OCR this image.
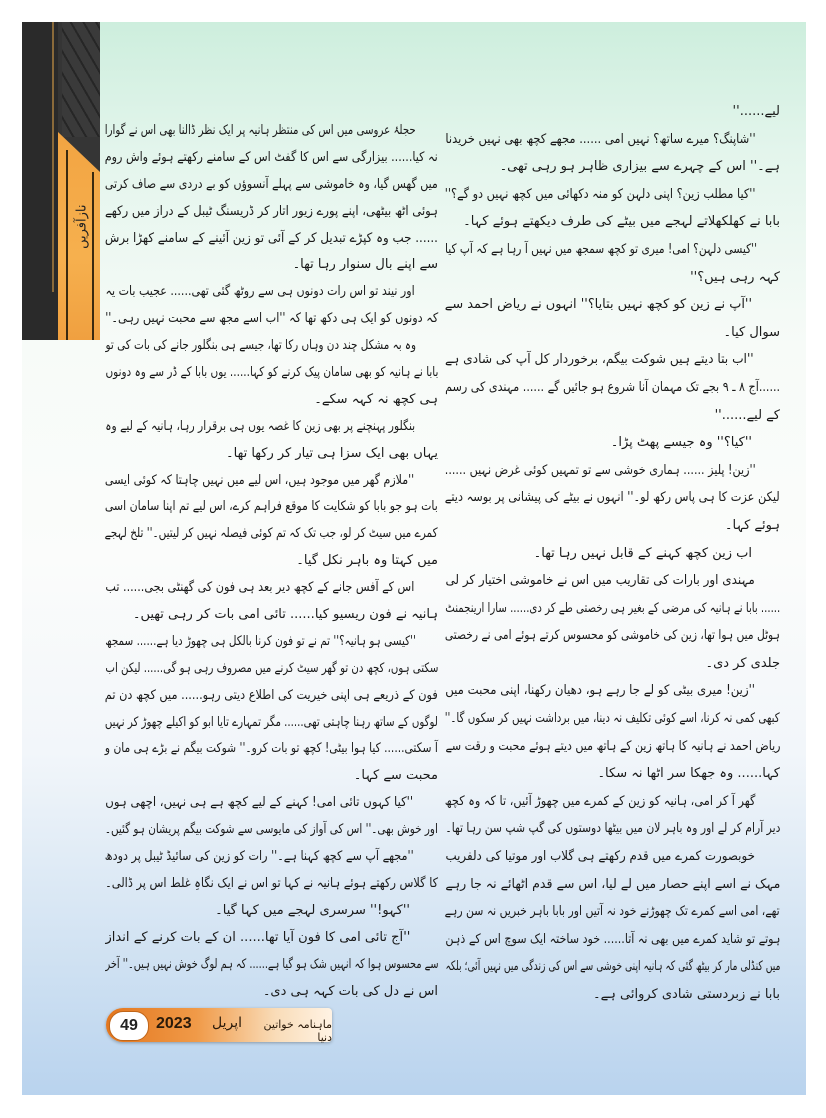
نازآفریں
لیے......''
''شاپنگ؟ میرے ساتھ؟ نہیں امی ...... مجھے کچھ بھی نہیں خریدنا
ہے۔'' اس کے چہرے سے بیزاری ظاہر ہو رہی تھی۔
''کیا مطلب زین؟ اپنی دلہن کو منہ دکھائی میں کچھ نہیں دو گے؟''
بابا نے کھلکھلاتے لہجے میں بیٹے کی طرف دیکھتے ہوئے کہا۔
''کیسی دلہن؟ امی! میری تو کچھ سمجھ میں نہیں آ رہا ہے کہ آپ کیا
کہہ رہی ہیں؟''
''آپ نے زین کو کچھ نہیں بتایا؟'' انہوں نے ریاض احمد سے
سوال کیا۔
''اب بتا دیتے ہیں شوکت بیگم، برخوردار کل آپ کی شادی ہے
......آج ۸ ـ ۹ بجے تک مہمان آنا شروع ہو جائیں گے ...... مہندی کی رسم
کے لیے......''
''کیا؟'' وہ جیسے پھٹ پڑا۔
''زین! پلیز ...... ہماری خوشی سے تو تمہیں کوئی غرض نہیں ......
لیکن عزت کا ہی پاس رکھ لو۔'' انہوں نے بیٹے کی پیشانی پر بوسہ دیتے
ہوئے کہا۔
اب زین کچھ کہنے کے قابل نہیں رہا تھا۔
مہندی اور بارات کی تقاریب میں اس نے خاموشی اختیار کر لی
...... بابا نے ہانیہ کی مرضی کے بغیر ہی رخصتی طے کر دی...... سارا ارینجمنٹ
ہوٹل میں ہوا تھا، زین کی خاموشی کو محسوس کرتے ہوئے امی نے رخصتی
جلدی کر دی۔
''زین! میری بیٹی کو لے جا رہے ہو، دھیان رکھنا، اپنی محبت میں
کبھی کمی نہ کرنا، اسے کوئی تکلیف نہ دینا، میں برداشت نہیں کر سکوں گا۔''
ریاض احمد نے ہانیہ کا ہاتھ زین کے ہاتھ میں دیتے ہوئے محبت و رقت سے
کہا...... وہ جھکا سر اٹھا نہ سکا۔
گھر آ کر امی، ہانیہ کو زین کے کمرے میں چھوڑ آئیں، تا کہ وہ کچھ
دیر آرام کر لے اور وہ باہر لان میں بیٹھا دوستوں کی گپ شپ سن رہا تھا۔
خوبصورت کمرے میں قدم رکھتے ہی گلاب اور موتیا کی دلفریب
مہک نے اسے اپنے حصار میں لے لیا، اس سے قدم اٹھائے نہ جا رہے
تھے، امی اسے کمرے تک چھوڑنے خود نہ آتیں اور بابا باہر خبریں نہ سن رہے
ہوتے تو شاید کمرے میں بھی نہ آتا...... خود ساختہ ایک سوچ اس کے ذہن
میں کنڈلی مار کر بیٹھ گئی کہ ہانیہ اپنی خوشی سے اس کی زندگی میں نہیں آئی؛ بلکہ
بابا نے زبردستی شادی کروائی ہے۔
حجلۂ عروسی میں اس کی منتظر ہانیہ پر ایک نظر ڈالنا بھی اس نے گوارا
نہ کیا...... بیزارگی سے اس کا گفٹ اس کے سامنے رکھتے ہوئے واش روم
میں گھس گیا، وہ خاموشی سے پہلے آنسوؤں کو بے دردی سے صاف کرتی
ہوئی اٹھ بیٹھی، اپنے پورے زیور اتار کر ڈریسنگ ٹیبل کے دراز میں رکھے
...... جب وہ کپڑے تبدیل کر کے آئی تو زین آئینے کے سامنے کھڑا برش
سے اپنے بال سنوار رہا تھا۔
اور نیند تو اس رات دونوں ہی سے روٹھ گئی تھی...... عجیب بات یہ
کہ دونوں کو ایک ہی دکھ تھا کہ ''اب اسے مجھ سے محبت نہیں رہی۔''
وہ بہ مشکل چند دن وہاں رکا تھا، جیسے ہی بنگلور جانے کی بات کی تو
بابا نے ہانیہ کو بھی سامان پیک کرنے کو کہا...... یوں بابا کے ڈر سے وہ دونوں
ہی کچھ نہ کہہ سکے۔
بنگلور پہنچنے پر بھی زین کا غصہ یوں ہی برقرار رہا، ہانیہ کے لیے وہ
یہاں بھی ایک سزا ہی تیار کر رکھا تھا۔
''ملازم گھر میں موجود ہیں، اس لیے میں نہیں چاہتا کہ کوئی ایسی
بات ہو جو بابا کو شکایت کا موقع فراہم کرے، اس لیے تم اپنا سامان اسی
کمرے میں سیٹ کر لو، جب تک کہ تم کوئی فیصلہ نہیں کر لیتیں۔'' تلخ لہجے
میں کہتا وہ باہر نکل گیا۔
اس کے آفس جانے کے کچھ دیر بعد ہی فون کی گھنٹی بجی...... تب
ہانیہ نے فون ریسیو کیا...... تائی امی بات کر رہی تھیں۔
''کیسی ہو ہانیہ؟'' تم نے تو فون کرنا بالکل ہی چھوڑ دیا ہے...... سمجھ
سکتی ہوں، کچھ دن تو گھر سیٹ کرنے میں مصروف رہی ہو گی...... لیکن اب
فون کے ذریعے ہی اپنی خیریت کی اطلاع دیتی رہو...... میں کچھ دن تم
لوگوں کے ساتھ رہنا چاہتی تھی...... مگر تمہارے تایا ابو کو اکیلے چھوڑ کر نہیں
آ سکتی...... کیا ہوا بیٹی! کچھ تو بات کرو۔'' شوکت بیگم نے بڑے ہی مان و
محبت سے کہا۔
''کیا کہوں تائی امی! کہنے کے لیے کچھ ہے ہی نہیں، اچھی ہوں
اور خوش بھی۔'' اس کی آواز کی مایوسی سے شوکت بیگم پریشان ہو گئیں۔
''مجھے آپ سے کچھ کہنا ہے۔'' رات کو زین کی سائیڈ ٹیبل پر دودھ
کا گلاس رکھتے ہوئے ہانیہ نے کہا تو اس نے ایک نگاہِ غلط اس پر ڈالی۔
''کہو!'' سرسری لہجے میں کہا گیا۔
''آج تائی امی کا فون آیا تھا...... ان کے بات کرنے کے انداز
سے محسوس ہوا کہ انہیں شک ہو گیا ہے...... کہ ہم لوگ خوش نہیں ہیں۔'' آخر
اس نے دل کی بات کہہ ہی دی۔
49	2023 اپریل	ماہنامہ خواتین دنیا
